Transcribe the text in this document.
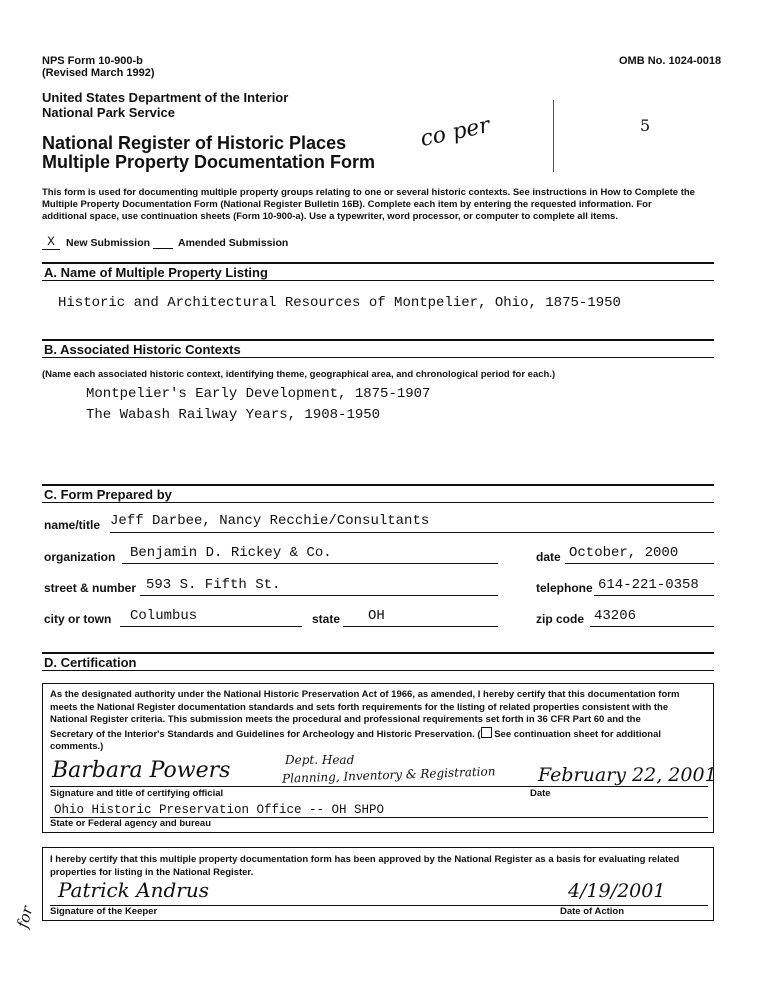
NPS Form 10-900-b
(Revised March 1992)
OMB No. 1024-0018
United States Department of the Interior
National Park Service
National Register of Historic Places
Multiple Property Documentation Form
co per	5
This form is used for documenting multiple property groups relating to one or several historic contexts. See instructions in How to Complete the
Multiple Property Documentation Form (National Register Bulletin 16B). Complete each item by entering the requested information. For
additional space, use continuation sheets (Form 10-900-a). Use a typewriter, word processor, or computer to complete all items.
X	New Submission	Amended Submission
A. Name of Multiple Property Listing
Historic and Architectural Resources of Montpelier, Ohio, 1875-1950
B. Associated Historic Contexts
(Name each associated historic context, identifying theme, geographical area, and chronological period for each.)
Montpelier's Early Development, 1875-1907
The Wabash Railway Years, 1908-1950
C. Form Prepared by
name/title Jeff Darbee, Nancy Recchie/Consultants
organization	Benjamin D. Rickey & Co.	date October, 2000
street & number 593 S. Fifth St.	telephone 614-221-0358
city or town	Columbus	state	OH	zip code 43206
D. Certification
As the designated authority under the National Historic Preservation Act of 1966, as amended, I hereby certify that this documentation form
meets the National Register documentation standards and sets forth requirements for the listing of related properties consistent with the
National Register criteria. This submission meets the procedural and professional requirements set forth in 36 CFR Part 60 and the
Secretary of the Interior's Standards and Guidelines for Archeology and Historic Preservation. ( See continuation sheet for additional
comments.)
Barbara Powers	Dept. Head
Planning, Inventory & Registration February 22, 2001
Signature and title of certifying official	Date
Ohio Historic Preservation Office -- OH SHPO
State or Federal agency and bureau
I hereby certify that this multiple property documentation form has been approved by the National Register as a basis for evaluating related
properties for listing in the National Register.
Patrick Andrus	4/19/2001
Signature of the Keeper	Date of Action
for
